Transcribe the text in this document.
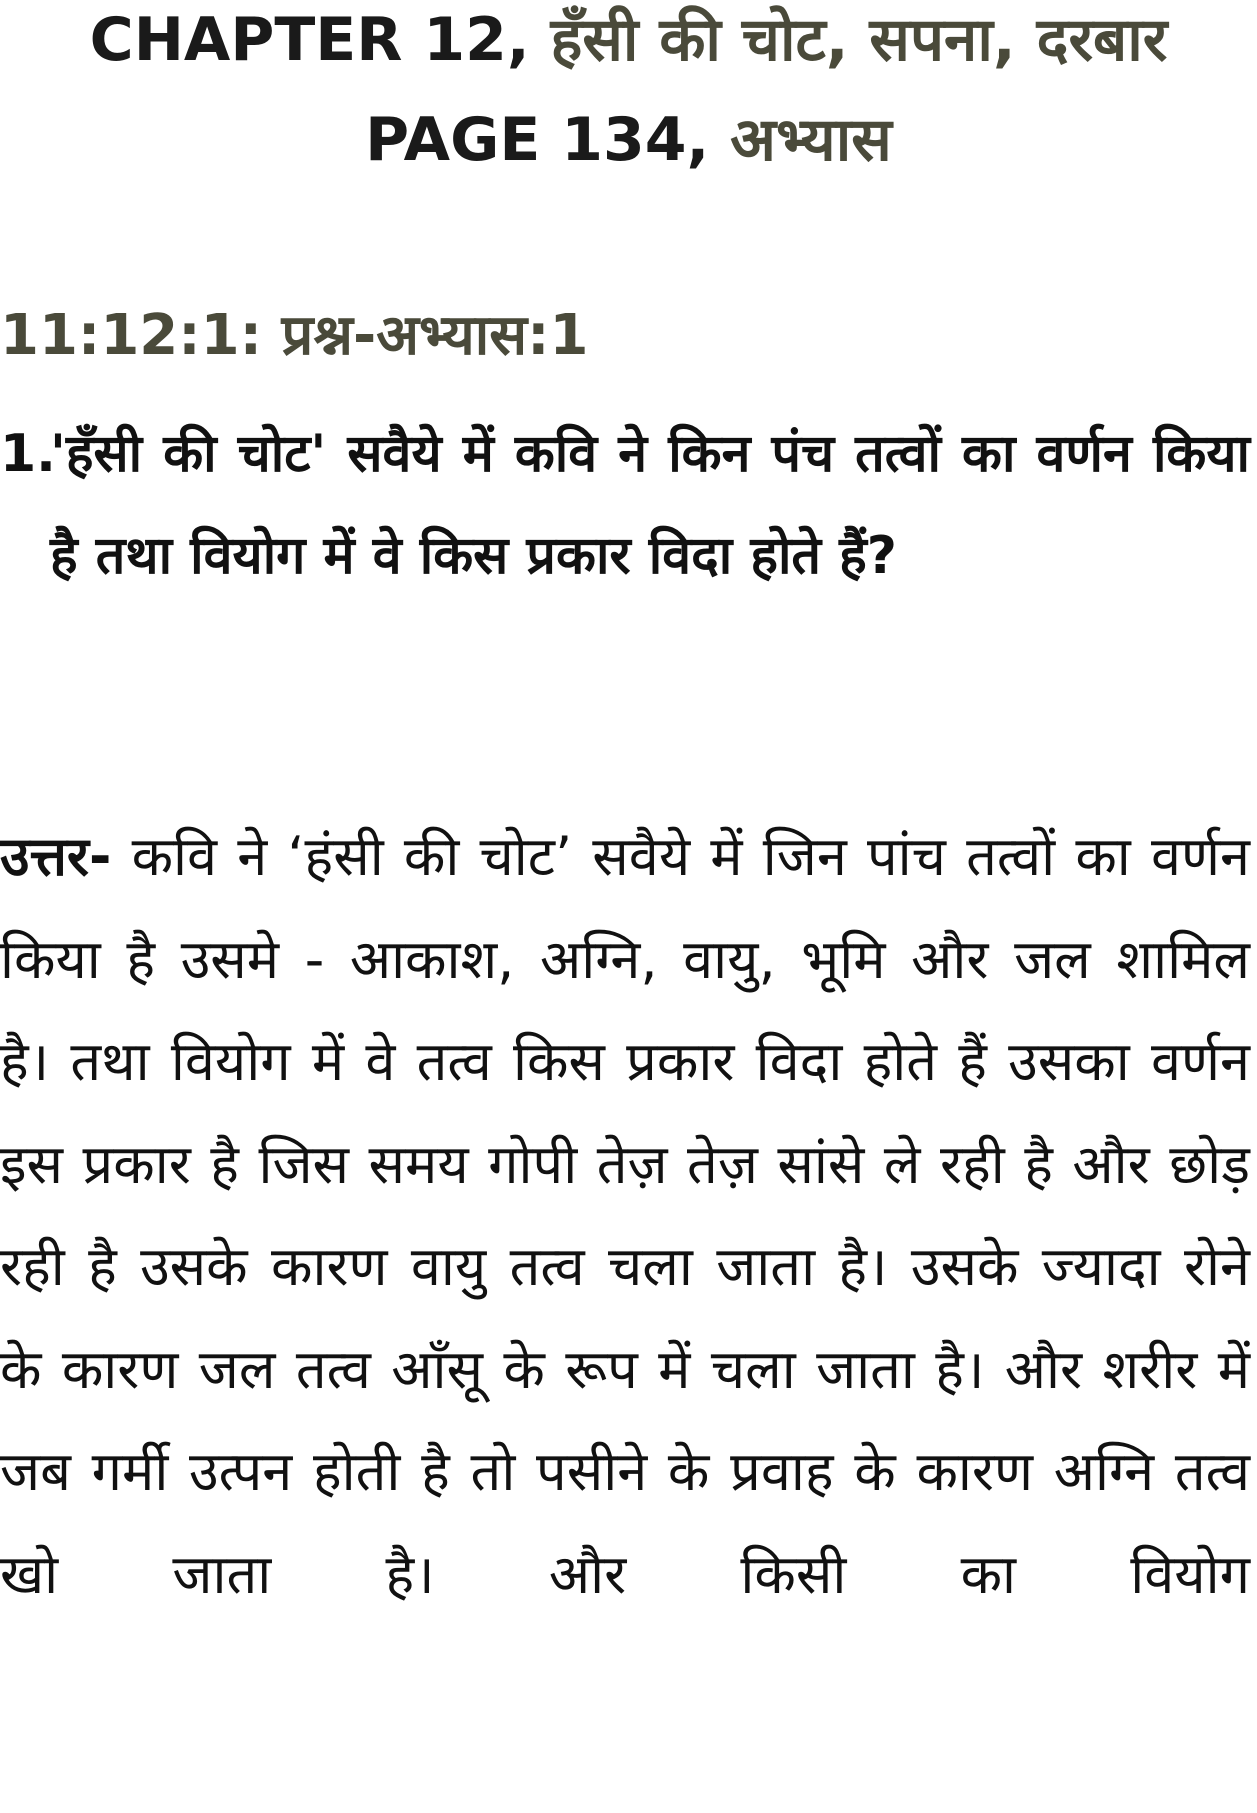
CHAPTER 12, हँसी की चोट, सपना, दरबार
PAGE 134, अभ्यास
11:12:1: प्रश्न-अभ्यास:1
1.
'हँसी की चोट' सवैये में कवि ने किन पंच तत्वों का वर्णन किया है तथा वियोग में वे किस प्रकार विदा होते हैं?
उत्तर- कवि ने ‘हंसी की चोट’ सवैये में जिन पांच तत्वों का वर्णन किया है उसमे - आकाश, अग्नि, वायु, भूमि और जल शामिल है। तथा वियोग में वे तत्व किस प्रकार विदा होते हैं उसका वर्णन इस प्रकार है जिस समय गोपी तेज़ तेज़ सांसे ले रही है और छोड़ रही है उसके कारण वायु तत्व चला जाता है। उसके ज्यादा रोने के कारण जल तत्व आँसू के रूप में चला जाता है। और शरीर में जब गर्मी उत्पन होती है तो पसीने के प्रवाह के कारण अग्नि तत्व खो जाता है। और किसी का वियोग
